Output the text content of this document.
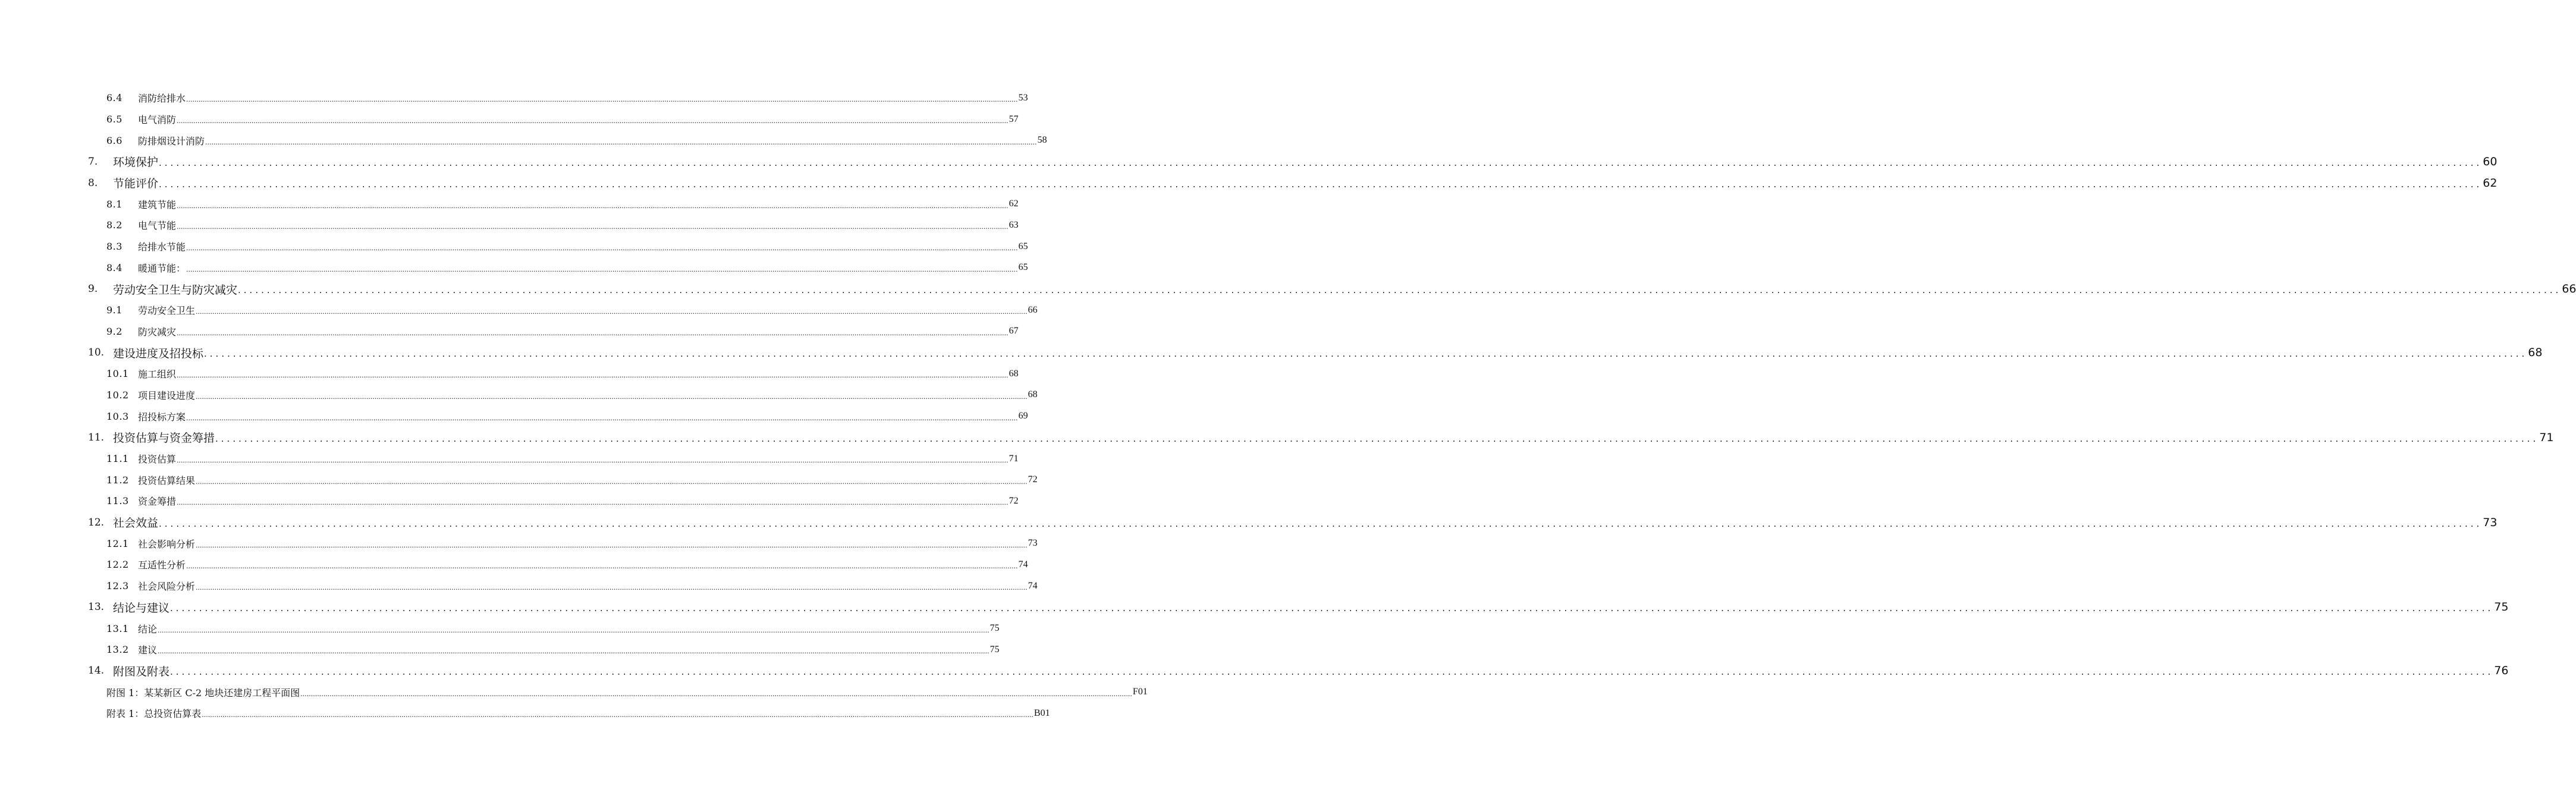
6.4	消防给排水 ................................................................................................................................................................................................................................................................................................................................................................................................................ 53
6.5	电气消防 ................................................................................................................................................................................................................................................................................................................................................................................................................ 57
6.6	防排烟设计消防 ................................................................................................................................................................................................................................................................................................................................................................................................................ 58
7.	环境保护 ................................................................................................................................................................................................................................................................................................................................................................................................................ 60
8.	节能评价 ................................................................................................................................................................................................................................................................................................................................................................................................................ 62
8.1	建筑节能 ................................................................................................................................................................................................................................................................................................................................................................................................................ 62
8.2	电气节能 ................................................................................................................................................................................................................................................................................................................................................................................................................ 63
8.3	给排水节能 ................................................................................................................................................................................................................................................................................................................................................................................................................ 65
8.4	暖通节能： ................................................................................................................................................................................................................................................................................................................................................................................................................ 65
9.	劳动安全卫生与防灾减灾 ................................................................................................................................................................................................................................................................................................................................................................................................................ 66
9.1	劳动安全卫生 ................................................................................................................................................................................................................................................................................................................................................................................................................ 66
9.2	防灾减灾 ................................................................................................................................................................................................................................................................................................................................................................................................................ 67
10. 建设进度及招投标 ................................................................................................................................................................................................................................................................................................................................................................................................................ 68
10.1 施工组织 ................................................................................................................................................................................................................................................................................................................................................................................................................ 68
10.2 项目建设进度 ................................................................................................................................................................................................................................................................................................................................................................................................................ 68
10.3 招投标方案 ................................................................................................................................................................................................................................................................................................................................................................................................................ 69
11. 投资估算与资金筹措 ................................................................................................................................................................................................................................................................................................................................................................................................................ 71
11.1 投资估算 ................................................................................................................................................................................................................................................................................................................................................................................................................ 71
11.2 投资估算结果 ................................................................................................................................................................................................................................................................................................................................................................................................................ 72
11.3 资金筹措 ................................................................................................................................................................................................................................................................................................................................................................................................................ 72
12. 社会效益 ................................................................................................................................................................................................................................................................................................................................................................................................................ 73
12.1 社会影响分析 ................................................................................................................................................................................................................................................................................................................................................................................................................ 73
12.2 互适性分析 ................................................................................................................................................................................................................................................................................................................................................................................................................ 74
12.3 社会风险分析 ................................................................................................................................................................................................................................................................................................................................................................................................................ 74
13. 结论与建议 ................................................................................................................................................................................................................................................................................................................................................................................................................ 75
13.1 结论 ................................................................................................................................................................................................................................................................................................................................................................................................................ 75
13.2 建议 ................................................................................................................................................................................................................................................................................................................................................................................................................ 75
14. 附图及附表 ................................................................................................................................................................................................................................................................................................................................................................................................................ 76
附图 1：某某新区 C-2 地块还建房工程平面图 ................................................................................................................................................................................................................................................................................................................................................................................................................ F01
附表 1：总投资估算表 ................................................................................................................................................................................................................................................................................................................................................................................................................ B01
